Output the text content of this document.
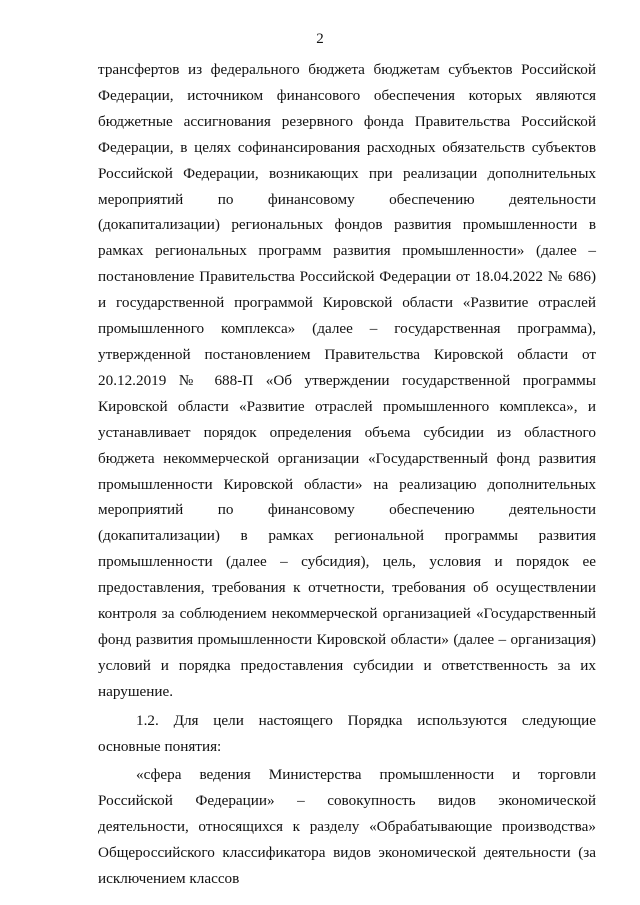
2

трансфертов из федерального бюджета бюджетам субъектов Российской Федерации, источником финансового обеспечения которых являются бюджетные ассигнования резервного фонда Правительства Российской Федерации, в целях софинансирования расходных обязательств субъектов Российской Федерации, возникающих при реализации дополнительных мероприятий по финансовому обеспечению деятельности (докапитализации) региональных фондов развития промышленности в рамках региональных программ развития промышленности» (далее – постановление Правительства Российской Федерации от 18.04.2022 № 686) и государственной программой Кировской области «Развитие отраслей промышленного комплекса» (далее – государственная программа), утвержденной постановлением Правительства Кировской области от 20.12.2019 № 688-П «Об утверждении государственной программы Кировской области «Развитие отраслей промышленного комплекса», и устанавливает порядок определения объема субсидии из областного бюджета некоммерческой организации «Государственный фонд развития промышленности Кировской области» на реализацию дополнительных мероприятий по финансовому обеспечению деятельности (докапитализации) в рамках региональной программы развития промышленности (далее – субсидия), цель, условия и порядок ее предоставления, требования к отчетности, требования об осуществлении контроля за соблюдением некоммерческой организацией «Государственный фонд развития промышленности Кировской области» (далее – организация) условий и порядка предоставления субсидии и ответственность за их нарушение.

1.2. Для цели настоящего Порядка используются следующие основные понятия:

«сфера ведения Министерства промышленности и торговли Российской Федерации» – совокупность видов экономической деятельности, относящихся к разделу «Обрабатывающие производства» Общероссийского классификатора видов экономической деятельности (за исключением классов
